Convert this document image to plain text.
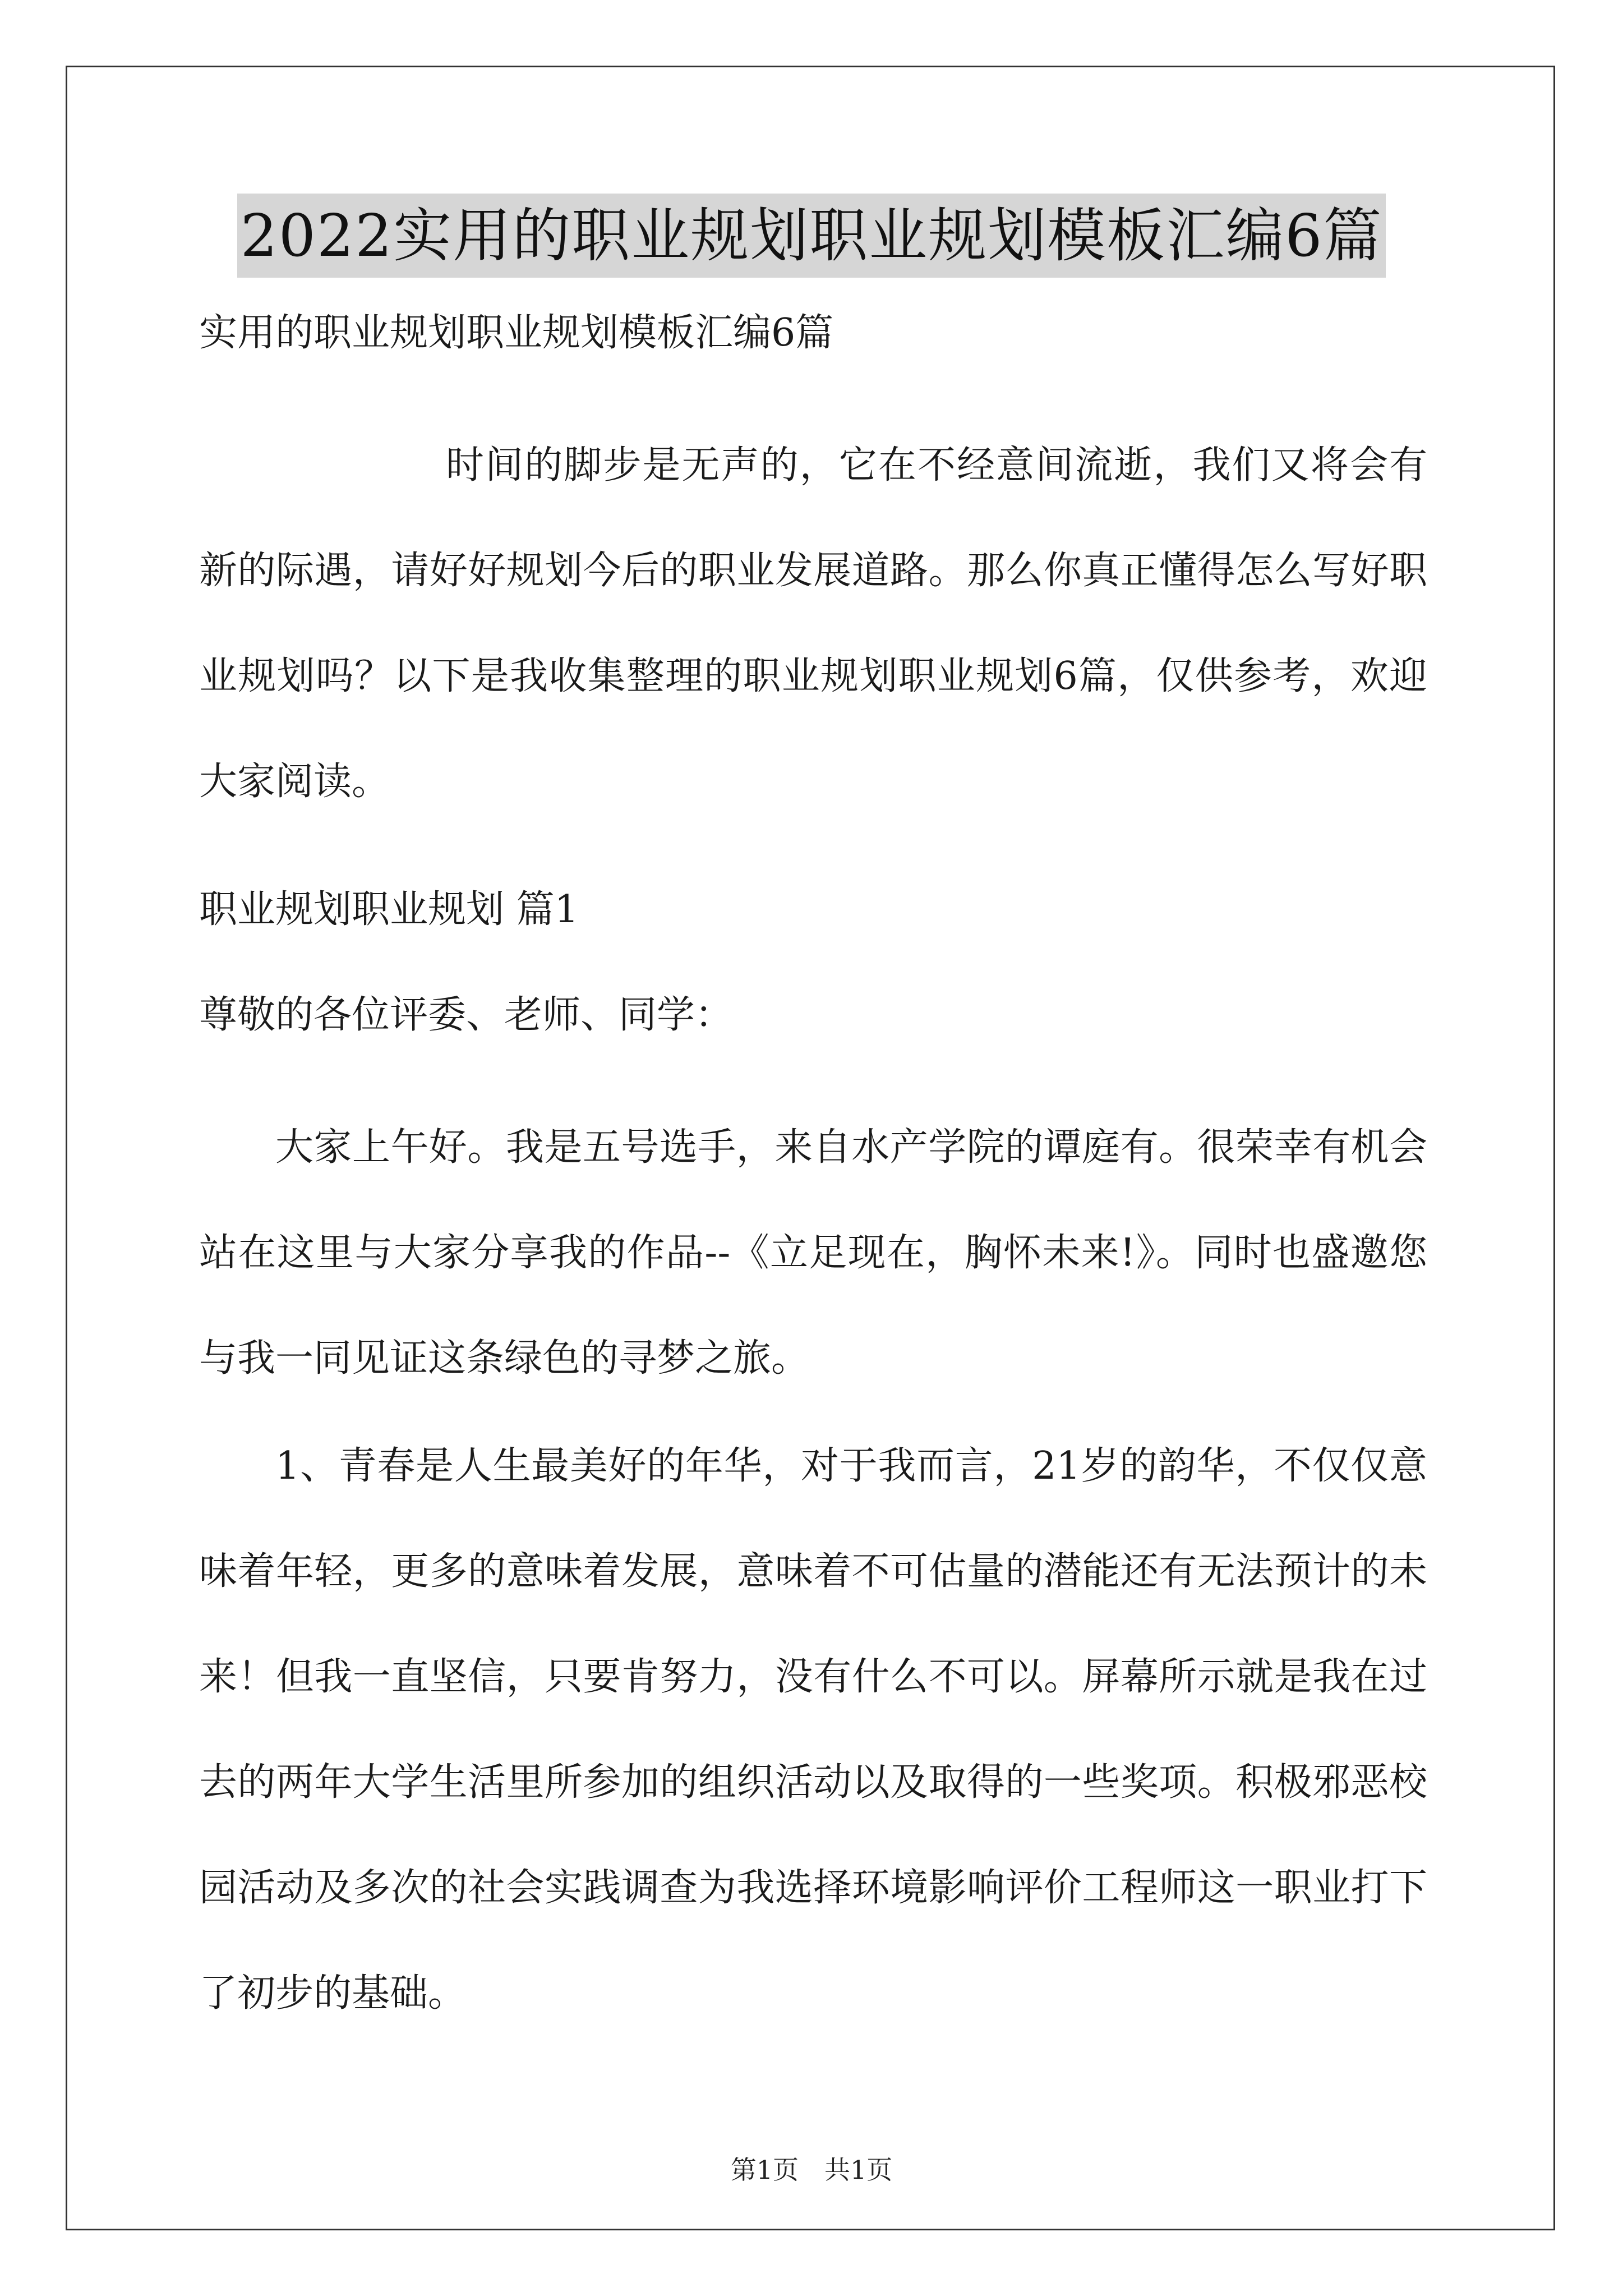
2022实用的职业规划职业规划模板汇编6篇

实用的职业规划职业规划模板汇编6篇

时间的脚步是无声的，它在不经意间流逝，我们又将会有新的际遇，请好好规划今后的职业发展道路。那么你真正懂得怎么写好职业规划吗？以下是我收集整理的职业规划职业规划6篇，仅供参考，欢迎大家阅读。

职业规划职业规划 篇1

尊敬的各位评委、老师、同学：

大家上午好。我是五号选手，来自水产学院的谭庭有。很荣幸有机会站在这里与大家分享我的作品--《立足现在，胸怀未来!》。同时也盛邀您与我一同见证这条绿色的寻梦之旅。

1、青春是人生最美好的年华，对于我而言，21岁的韵华，不仅仅意味着年轻，更多的意味着发展，意味着不可估量的潜能还有无法预计的未来！但我一直坚信，只要肯努力，没有什么不可以。屏幕所示就是我在过去的两年大学生活里所参加的组织活动以及取得的一些奖项。积极邪恶校园活动及多次的社会实践调查为我选择环境影响评价工程师这一职业打下了初步的基础。

第1页　共1页
